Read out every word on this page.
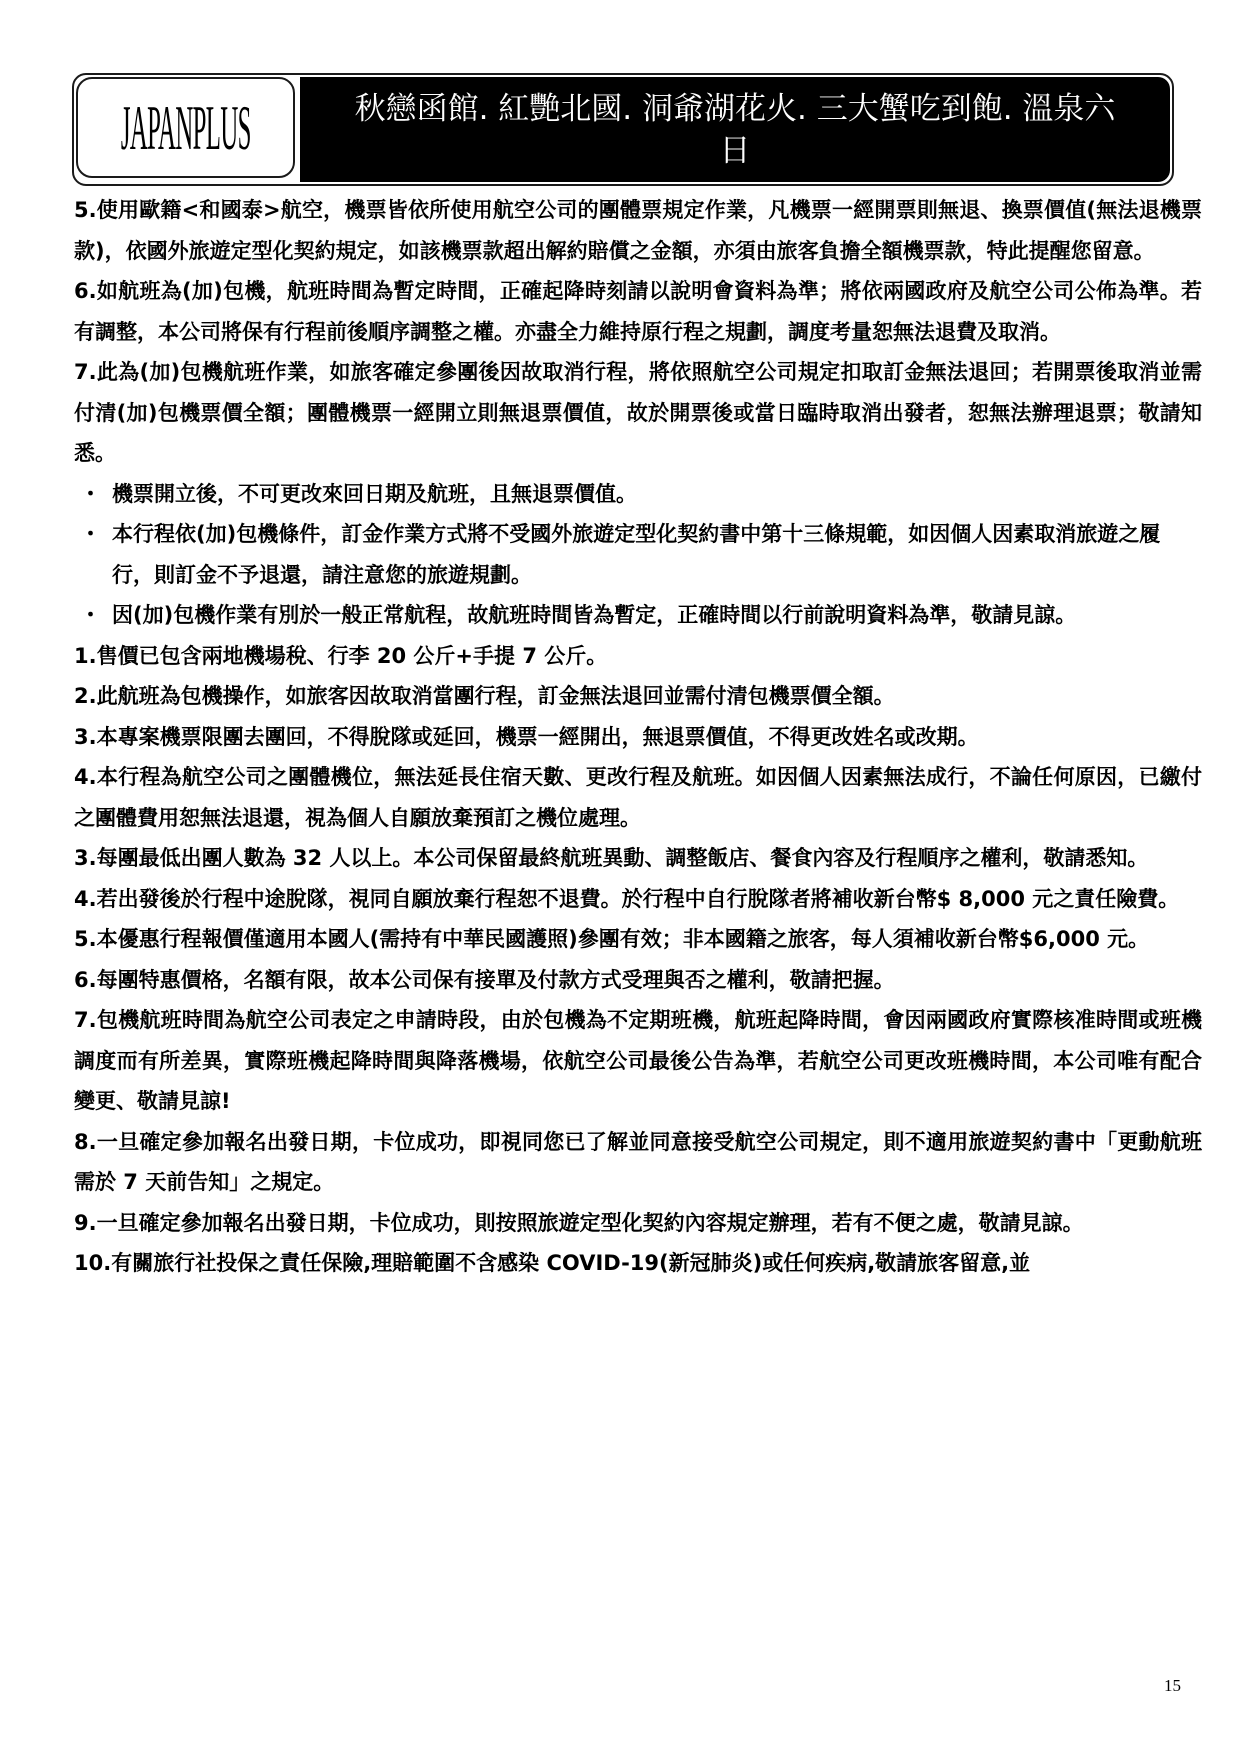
JAPANPLUS	秋戀函館. 紅艷北國. 洞爺湖花火. 三大蟹吃到飽. 溫泉六日

5.使用歐籍<和國泰>航空，機票皆依所使用航空公司的團體票規定作業，凡機票一經開票則無退、換票價值(無法退機票款)，依國外旅遊定型化契約規定，如該機票款超出解約賠償之金額，亦須由旅客負擔全額機票款，特此提醒您留意。

6.如航班為(加)包機，航班時間為暫定時間，正確起降時刻請以說明會資料為準；將依兩國政府及航空公司公佈為準。若有調整，本公司將保有行程前後順序調整之權。亦盡全力維持原行程之規劃，調度考量恕無法退費及取消。

7.此為(加)包機航班作業，如旅客確定參團後因故取消行程，將依照航空公司規定扣取訂金無法退回；若開票後取消並需付清(加)包機票價全額；團體機票一經開立則無退票價值，故於開票後或當日臨時取消出發者，恕無法辦理退票；敬請知悉。

・ 機票開立後，不可更改來回日期及航班，且無退票價值。

・ 本行程依(加)包機條件，訂金作業方式將不受國外旅遊定型化契約書中第十三條規範，如因個人因素取消旅遊之履行，則訂金不予退還，請注意您的旅遊規劃。

・ 因(加)包機作業有別於一般正常航程，故航班時間皆為暫定，正確時間以行前說明資料為準，敬請見諒。

1.售價已包含兩地機場稅、行李 20 公斤+手提 7 公斤。

2.此航班為包機操作，如旅客因故取消當團行程，訂金無法退回並需付清包機票價全額。

3.本專案機票限團去團回，不得脫隊或延回，機票一經開出，無退票價值，不得更改姓名或改期。

4.本行程為航空公司之團體機位，無法延長住宿天數、更改行程及航班。如因個人因素無法成行，不論任何原因，已繳付之團體費用恕無法退還，視為個人自願放棄預訂之機位處理。

3.每團最低出團人數為 32 人以上。本公司保留最終航班異動、調整飯店、餐食內容及行程順序之權利，敬請悉知。

4.若出發後於行程中途脫隊，視同自願放棄行程恕不退費。於行程中自行脫隊者將補收新台幣$ 8,000 元之責任險費。

5.本優惠行程報價僅適用本國人(需持有中華民國護照)參團有效；非本國籍之旅客，每人須補收新台幣$6,000 元。

6.每團特惠價格，名額有限，故本公司保有接單及付款方式受理與否之權利，敬請把握。

7.包機航班時間為航空公司表定之申請時段，由於包機為不定期班機，航班起降時間，會因兩國政府實際核准時間或班機調度而有所差異，實際班機起降時間與降落機場，依航空公司最後公告為準，若航空公司更改班機時間，本公司唯有配合變更、敬請見諒!

8.一旦確定參加報名出發日期，卡位成功，即視同您已了解並同意接受航空公司規定，則不適用旅遊契約書中「更動航班需於 7 天前告知」之規定。

9.一旦確定參加報名出發日期，卡位成功，則按照旅遊定型化契約內容規定辦理，若有不便之處，敬請見諒。

10.有關旅行社投保之責任保險,理賠範圍不含感染 COVID-19(新冠肺炎)或任何疾病,敬請旅客留意,並

15
